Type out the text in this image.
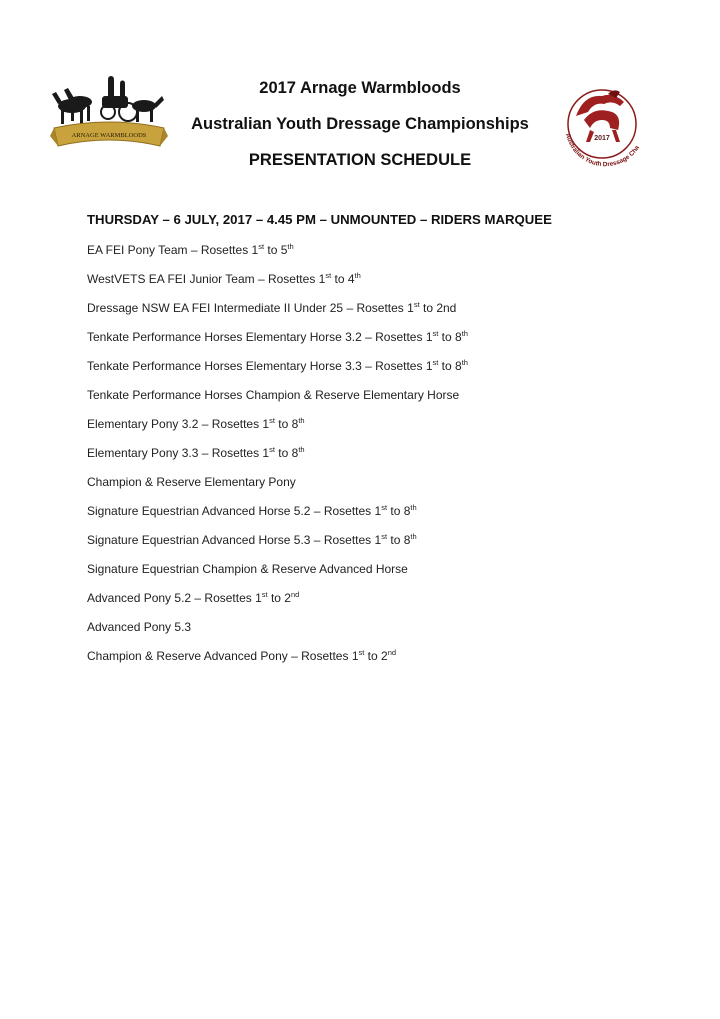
ARNAGE WARMBLOODS
2017 Arnage Warmbloods
Australian Youth Dressage Championships
PRESENTATION SCHEDULE
2017
Australian Youth Dressage Cha
THURSDAY – 6 JULY, 2017 – 4.45 PM – UNMOUNTED – RIDERS MARQUEE
EA FEI Pony Team – Rosettes 1st to 5th
WestVETS EA FEI Junior Team – Rosettes 1st to 4th
Dressage NSW EA FEI Intermediate II Under 25 – Rosettes 1st to 2nd
Tenkate Performance Horses Elementary Horse 3.2 – Rosettes 1st to 8th
Tenkate Performance Horses Elementary Horse 3.3 – Rosettes 1st to 8th
Tenkate Performance Horses Champion & Reserve Elementary Horse
Elementary Pony 3.2 – Rosettes 1st to 8th
Elementary Pony 3.3 – Rosettes 1st to 8th
Champion & Reserve Elementary Pony
Signature Equestrian Advanced Horse 5.2 – Rosettes 1st to 8th
Signature Equestrian Advanced Horse 5.3 – Rosettes 1st to 8th
Signature Equestrian Champion & Reserve Advanced Horse
Advanced Pony 5.2 – Rosettes 1st to 2nd
Advanced Pony 5.3
Champion & Reserve Advanced Pony – Rosettes 1st to 2nd
